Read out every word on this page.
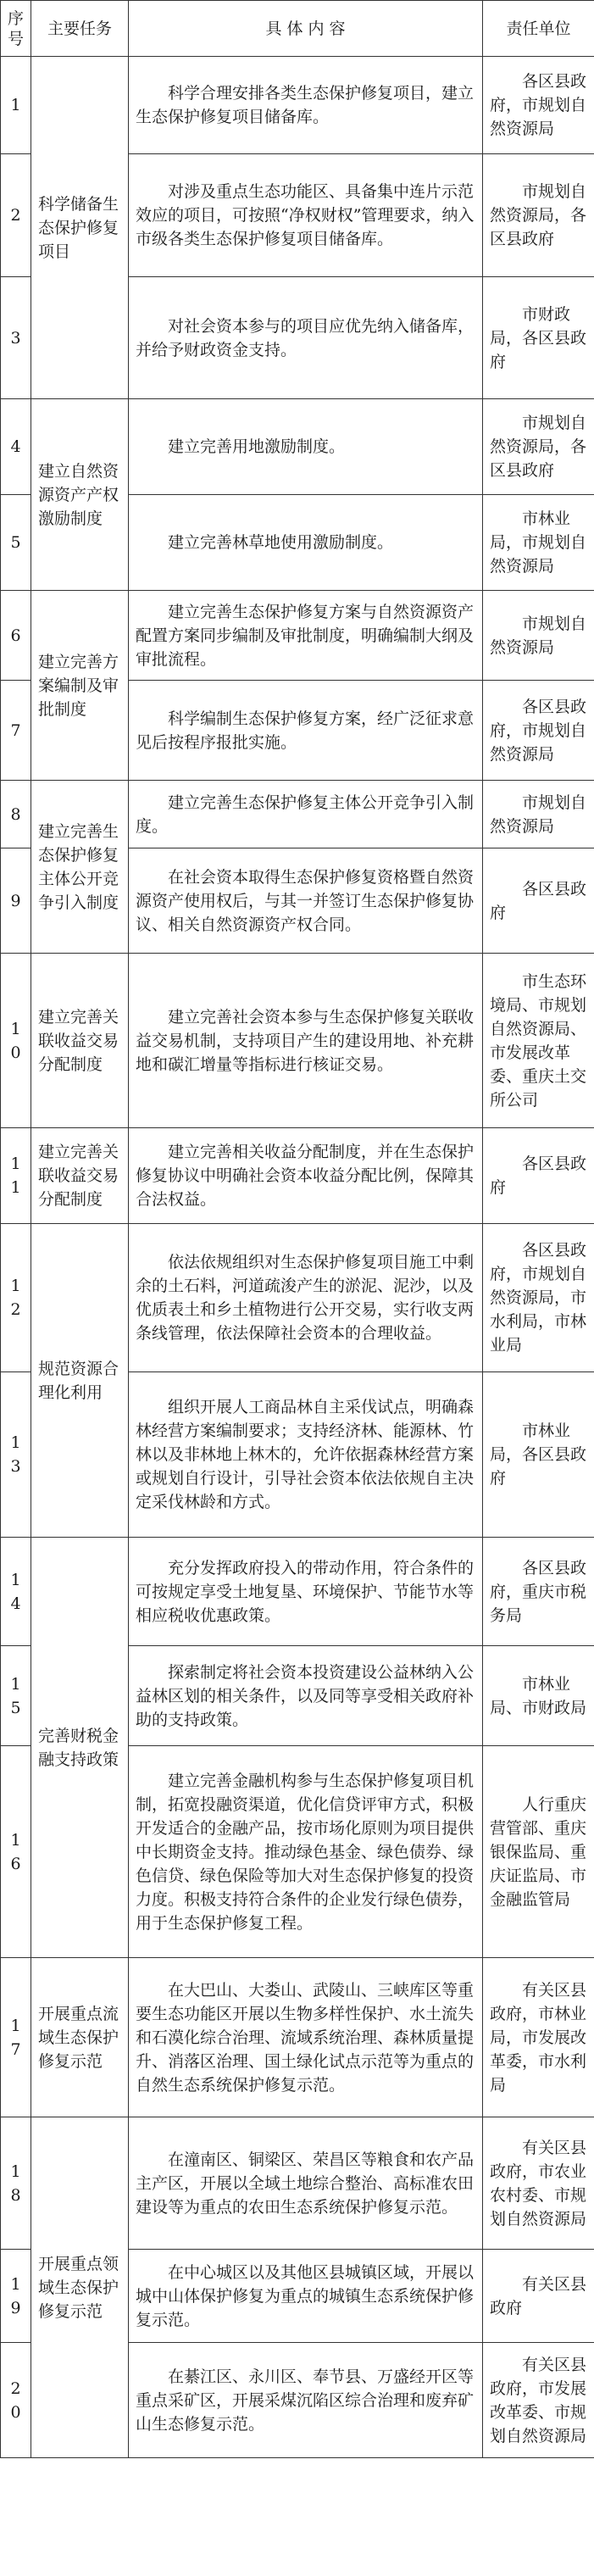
序号	主要任务	具 体 内 容	责任单位
1	科学储备生态保护修复项目	科学合理安排各类生态保护修复项目，建立生态保护修复项目储备库。	各区县政府，市规划自然资源局
2		对涉及重点生态功能区、具备集中连片示范效应的项目，可按照“净权财权”管理要求，纳入市级各类生态保护修复项目储备库。	市规划自然资源局，各区县政府
3		对社会资本参与的项目应优先纳入储备库，并给予财政资金支持。	市财政局，各区县政府
4	建立自然资源资产产权激励制度	建立完善用地激励制度。	市规划自然资源局，各区县政府
5		建立完善林草地使用激励制度。	市林业局，市规划自然资源局
6	建立完善方案编制及审批制度	建立完善生态保护修复方案与自然资源资产配置方案同步编制及审批制度，明确编制大纲及审批流程。	市规划自然资源局
7		科学编制生态保护修复方案，经广泛征求意见后按程序报批实施。	各区县政府，市规划自然资源局
8	建立完善生态保护修复主体公开竞争引入制度	建立完善生态保护修复主体公开竞争引入制度。	市规划自然资源局
9		在社会资本取得生态保护修复资格暨自然资源资产使用权后，与其一并签订生态保护修复协议、相关自然资源资产权合同。	各区县政府
10	建立完善关联收益交易分配制度	建立完善社会资本参与生态保护修复关联收益交易机制，支持项目产生的建设用地、补充耕地和碳汇增量等指标进行核证交易。	市生态环境局、市规划自然资源局、市发展改革委、重庆土交所公司
11	建立完善关联收益交易分配制度	建立完善相关收益分配制度，并在生态保护修复协议中明确社会资本收益分配比例，保障其合法权益。	各区县政府
12	规范资源合理化利用	依法依规组织对生态保护修复项目施工中剩余的土石料，河道疏浚产生的淤泥、泥沙，以及优质表土和乡土植物进行公开交易，实行收支两条线管理，依法保障社会资本的合理收益。	各区县政府，市规划自然资源局，市水利局，市林业局
13		组织开展人工商品林自主采伐试点，明确森林经营方案编制要求；支持经济林、能源林、竹林以及非林地上林木的，允许依据森林经营方案或规划自行设计，引导社会资本依法依规自主决定采伐林龄和方式。	市林业局，各区县政府
14	完善财税金融支持政策	充分发挥政府投入的带动作用，符合条件的可按规定享受土地复垦、环境保护、节能节水等相应税收优惠政策。	各区县政府，重庆市税务局
15		探索制定将社会资本投资建设公益林纳入公益林区划的相关条件，以及同等享受相关政府补助的支持政策。	市林业局、市财政局
16		建立完善金融机构参与生态保护修复项目机制，拓宽投融资渠道，优化信贷评审方式，积极开发适合的金融产品，按市场化原则为项目提供中长期资金支持。推动绿色基金、绿色债券、绿色信贷、绿色保险等加大对生态保护修复的投资力度。积极支持符合条件的企业发行绿色债券，用于生态保护修复工程。	人行重庆营管部、重庆银保监局、重庆证监局、市金融监管局
17	开展重点流域生态保护修复示范	在大巴山、大娄山、武陵山、三峡库区等重要生态功能区开展以生物多样性保护、水土流失和石漠化综合治理、流域系统治理、森林质量提升、消落区治理、国土绿化试点示范等为重点的自然生态系统保护修复示范。	有关区县政府，市林业局，市发展改革委，市水利局
18	开展重点领域生态保护修复示范	在潼南区、铜梁区、荣昌区等粮食和农产品主产区，开展以全域土地综合整治、高标准农田建设等为重点的农田生态系统保护修复示范。	有关区县政府，市农业农村委、市规划自然资源局
19		在中心城区以及其他区县城镇区域，开展以城中山体保护修复为重点的城镇生态系统保护修复示范。	有关区县政府
20		在綦江区、永川区、奉节县、万盛经开区等重点采矿区，开展采煤沉陷区综合治理和废弃矿山生态修复示范。	有关区县政府，市发展改革委、市规划自然资源局
